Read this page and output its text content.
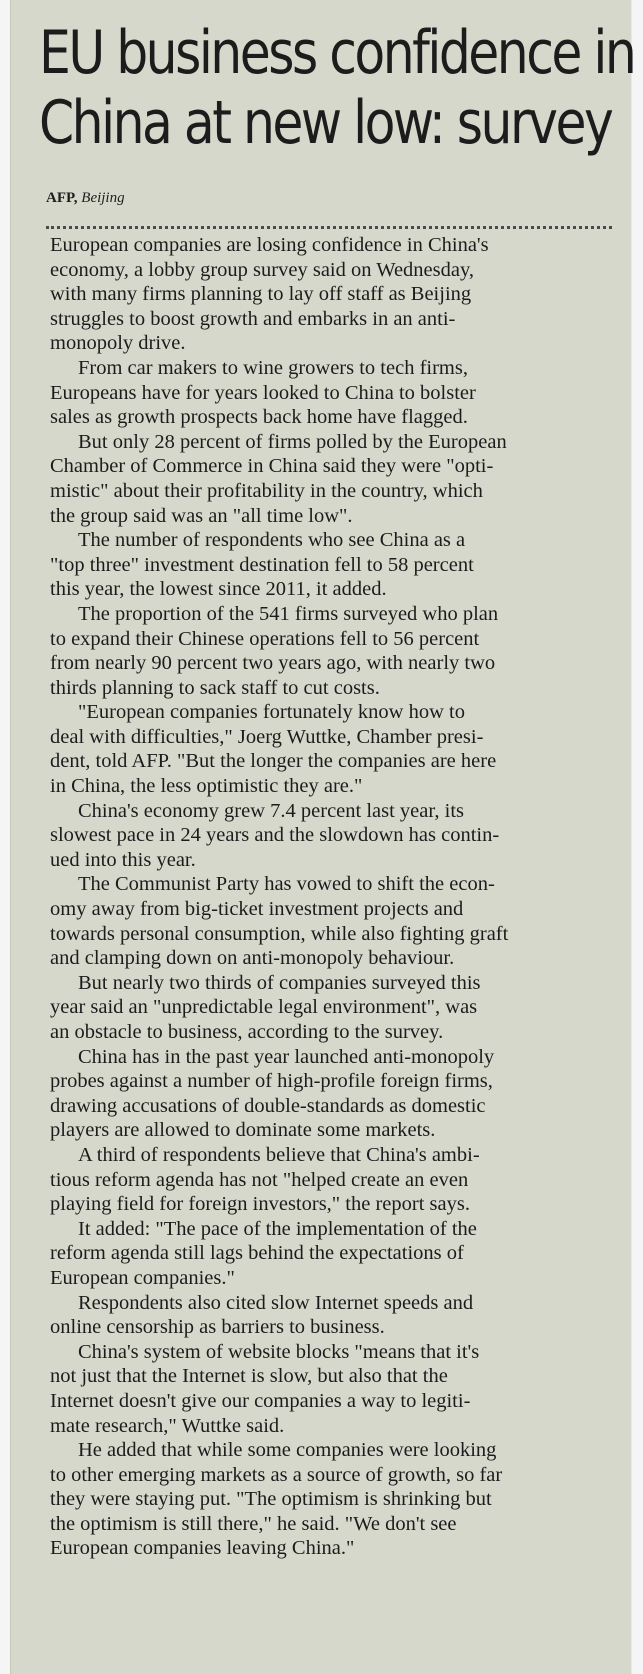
EU business confidence in
China at new low: survey
AFP, Beijing

European companies are losing confidence in China's
economy, a lobby group survey said on Wednesday,
with many firms planning to lay off staff as Beijing
struggles to boost growth and embarks in an anti-
monopoly drive.

From car makers to wine growers to tech firms,
Europeans have for years looked to China to bolster
sales as growth prospects back home have flagged.

But only 28 percent of firms polled by the European
Chamber of Commerce in China said they were "opti-
mistic" about their profitability in the country, which
the group said was an "all time low".

The number of respondents who see China as a
"top three" investment destination fell to 58 percent
this year, the lowest since 2011, it added.

The proportion of the 541 firms surveyed who plan
to expand their Chinese operations fell to 56 percent
from nearly 90 percent two years ago, with nearly two
thirds planning to sack staff to cut costs.

"European companies fortunately know how to
deal with difficulties," Joerg Wuttke, Chamber presi-
dent, told AFP. "But the longer the companies are here
in China, the less optimistic they are."

China's economy grew 7.4 percent last year, its
slowest pace in 24 years and the slowdown has contin-
ued into this year.

The Communist Party has vowed to shift the econ-
omy away from big-ticket investment projects and
towards personal consumption, while also fighting graft
and clamping down on anti-monopoly behaviour.

But nearly two thirds of companies surveyed this
year said an "unpredictable legal environment", was
an obstacle to business, according to the survey.

China has in the past year launched anti-monopoly
probes against a number of high-profile foreign firms,
drawing accusations of double-standards as domestic
players are allowed to dominate some markets.

A third of respondents believe that China's ambi-
tious reform agenda has not "helped create an even
playing field for foreign investors," the report says.

It added: "The pace of the implementation of the
reform agenda still lags behind the expectations of
European companies."

Respondents also cited slow Internet speeds and
online censorship as barriers to business.

China's system of website blocks "means that it's
not just that the Internet is slow, but also that the
Internet doesn't give our companies a way to legiti-
mate research," Wuttke said.

He added that while some companies were looking
to other emerging markets as a source of growth, so far
they were staying put. "The optimism is shrinking but
the optimism is still there," he said. "We don't see
European companies leaving China."
